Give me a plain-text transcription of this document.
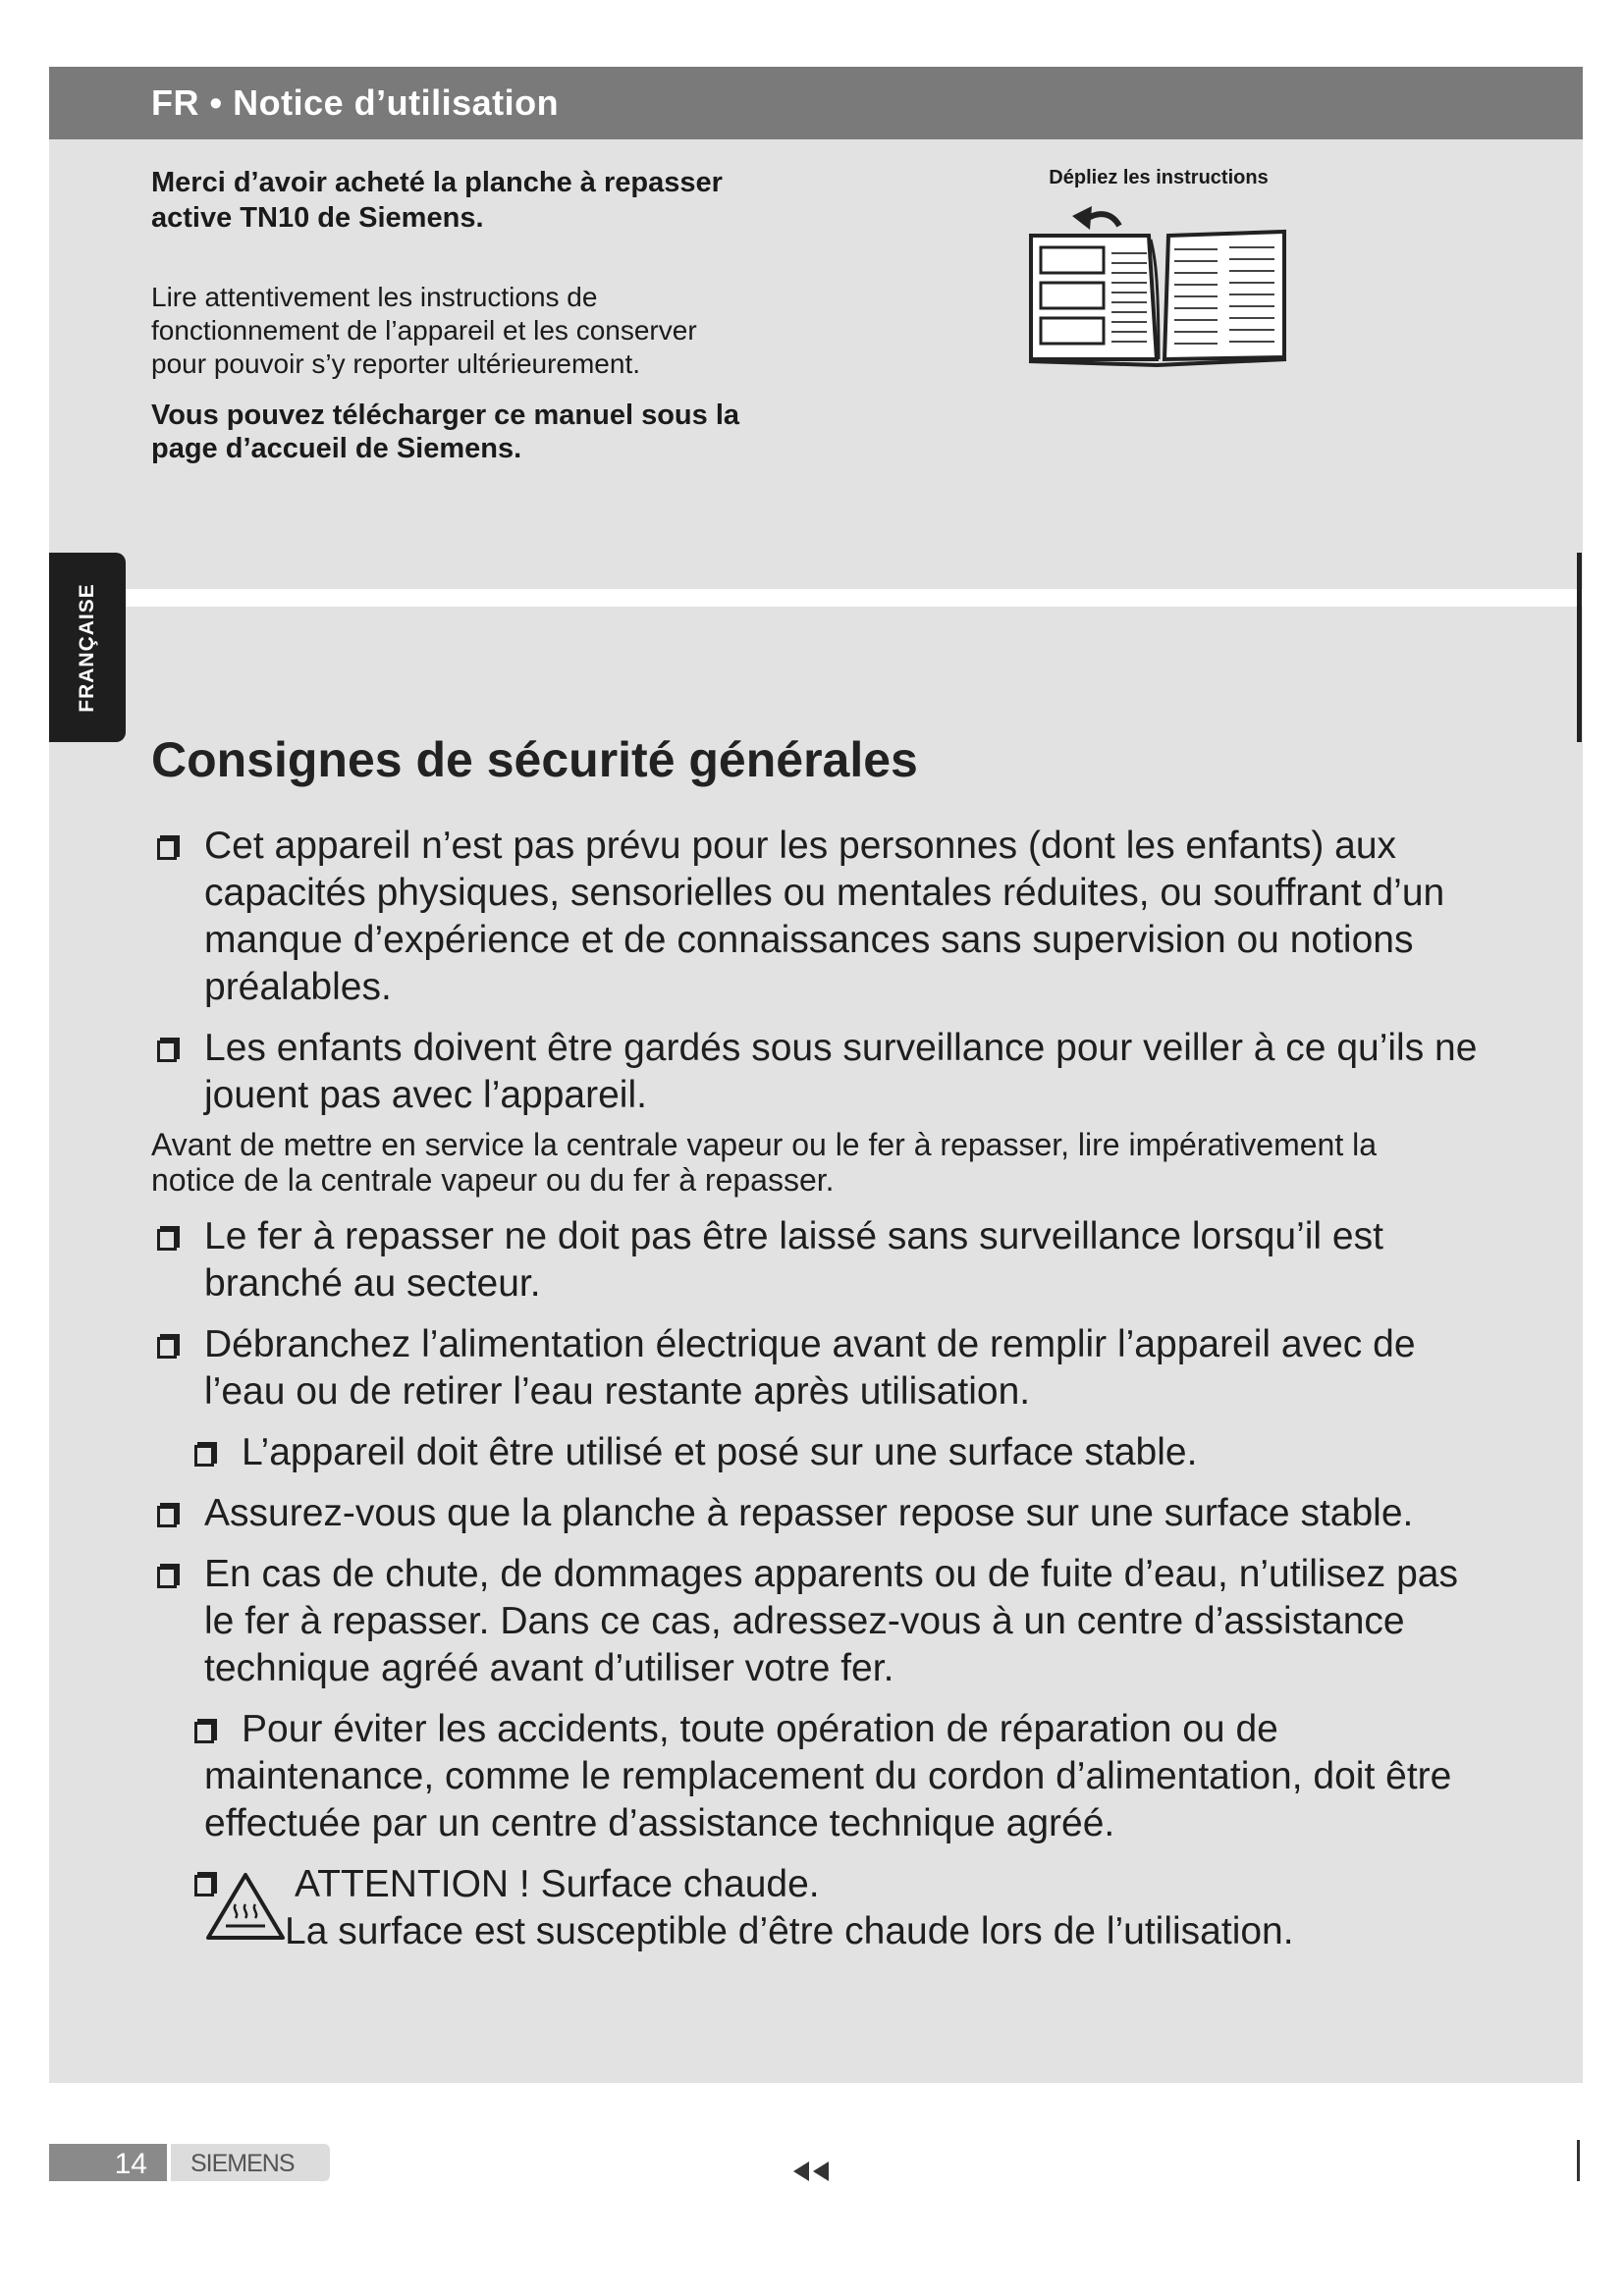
FR • Notice d’utilisation
FRANÇAISE
Merci d’avoir acheté la planche à repasser
active TN10 de Siemens.
Lire attentivement les instructions de
fonctionnement de l’appareil et les conserver
pour pouvoir s’y reporter ultérieurement.
Vous pouvez télécharger ce manuel sous la
page d’accueil de Siemens.
Dépliez les instructions
Consignes de sécurité générales
Cet appareil n’est pas prévu pour les personnes (dont les enfants) aux capacités physiques, sensorielles ou mentales réduites, ou souffrant d’un manque d’expérience et de connaissances sans supervision ou notions préalables.
Les enfants doivent être gardés sous surveillance pour veiller à ce qu’ils ne jouent pas avec l’appareil.
Avant de mettre en service la centrale vapeur ou le fer à repasser, lire impérativement la notice de la centrale vapeur ou du fer à repasser.
Le fer à repasser ne doit pas être laissé sans surveillance lorsqu’il est branché au secteur.
Débranchez l’alimentation électrique avant de remplir l’appareil avec de l’eau ou de retirer l’eau restante après utilisation.
L’appareil doit être utilisé et posé sur une surface stable.
Assurez-vous que la planche à repasser repose sur une surface stable.
En cas de chute, de dommages apparents ou de fuite d’eau, n’utilisez pas le fer à repasser. Dans ce cas, adressez-vous à un centre d’assistance technique agréé avant d’utiliser votre fer.
Pour éviter les accidents, toute opération de réparation ou de maintenance, comme le remplacement du cordon d’alimentation, doit être effectuée par un centre d’assistance technique agréé.
ATTENTION ! Surface chaude.
La surface est susceptible d’être chaude lors de l’utilisation.
14 SIEMENS
